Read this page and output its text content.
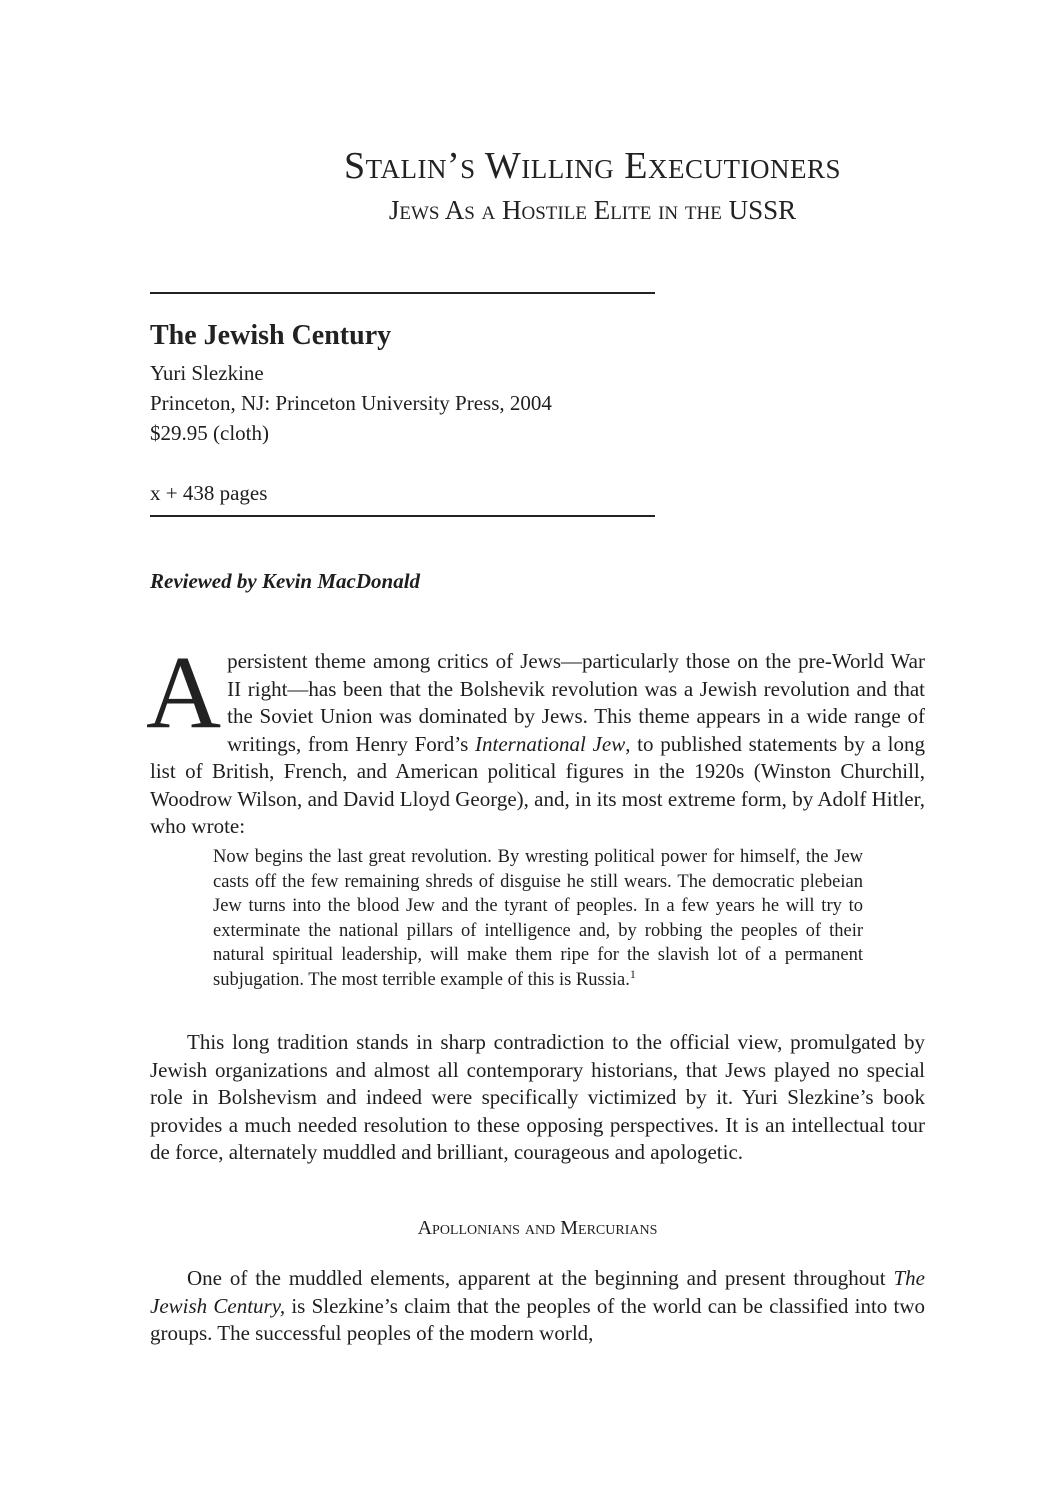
Stalin’s Willing Executioners
Jews As a Hostile Elite in the USSR
The Jewish Century
Yuri Slezkine
Princeton, NJ: Princeton University Press, 2004
$29.95 (cloth)
x + 438 pages
Reviewed by Kevin MacDonald
Apersistent theme among critics of Jews—particularly those on the pre-World War II right—has been that the Bolshevik revolution was a Jewish revolution and that the Soviet Union was dominated by Jews. This theme appears in a wide range of writings, from Henry Ford’s International Jew, to published statements by a long list of British, French, and American political figures in the 1920s (Winston Churchill, Woodrow Wilson, and David Lloyd George), and, in its most extreme form, by Adolf Hitler, who wrote:
Now begins the last great revolution. By wresting political power for himself, the Jew casts off the few remaining shreds of disguise he still wears. The democratic plebeian Jew turns into the blood Jew and the tyrant of peoples. In a few years he will try to exterminate the national pillars of intelligence and, by robbing the peoples of their natural spiritual leadership, will make them ripe for the slavish lot of a permanent subjugation. The most terrible example of this is Russia.$^1$
This long tradition stands in sharp contradiction to the official view, promulgated by Jewish organizations and almost all contemporary historians, that Jews played no special role in Bolshevism and indeed were specifically victimized by it. Yuri Slezkine’s book provides a much needed resolution to these opposing perspectives. It is an intellectual tour de force, alternately muddled and brilliant, courageous and apologetic.
Apollonians and Mercurians
One of the muddled elements, apparent at the beginning and present throughout The Jewish Century, is Slezkine’s claim that the peoples of the world can be classified into two groups. The successful peoples of the modern world,
